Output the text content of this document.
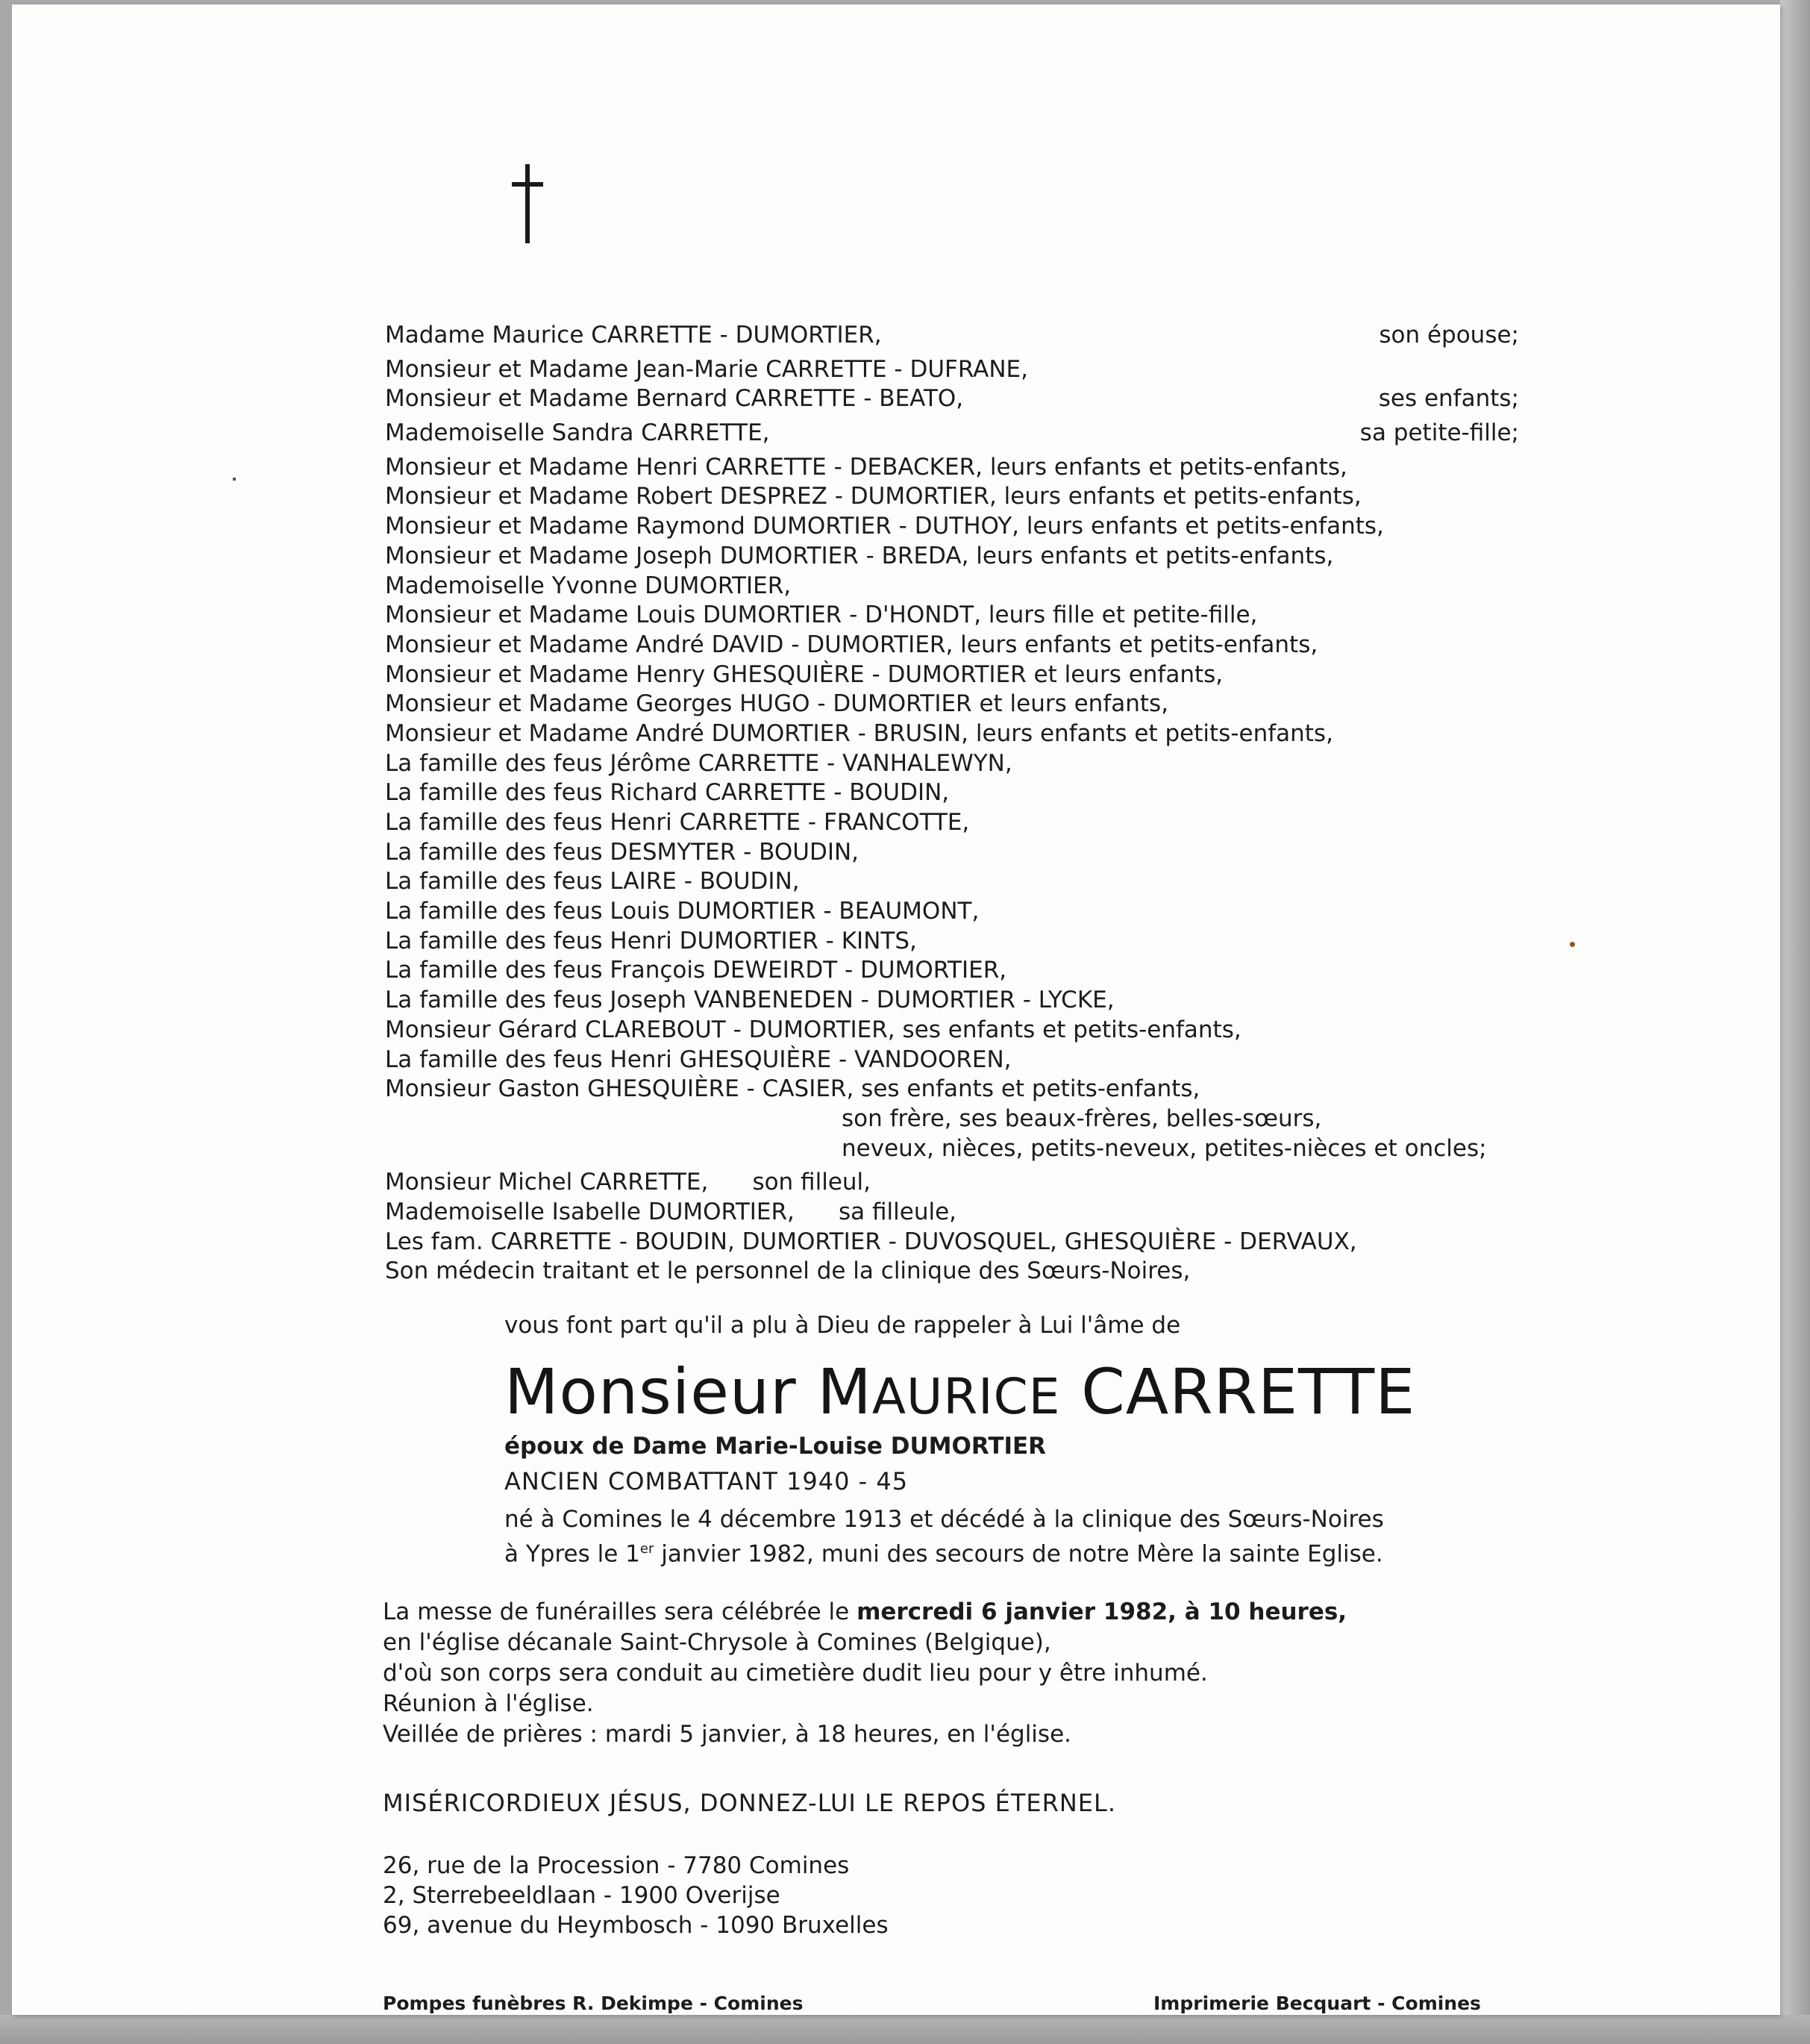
Madame Maurice CARRETTE - DUMORTIER,	son épouse;
Monsieur et Madame Jean-Marie CARRETTE - DUFRANE,
Monsieur et Madame Bernard CARRETTE - BEATO,	ses enfants;
Mademoiselle Sandra CARRETTE,	sa petite-fille;
Monsieur et Madame Henri CARRETTE - DEBACKER, leurs enfants et petits-enfants,
Monsieur et Madame Robert DESPREZ - DUMORTIER, leurs enfants et petits-enfants,
Monsieur et Madame Raymond DUMORTIER - DUTHOY, leurs enfants et petits-enfants,
Monsieur et Madame Joseph DUMORTIER - BREDA, leurs enfants et petits-enfants,
Mademoiselle Yvonne DUMORTIER,
Monsieur et Madame Louis DUMORTIER - D'HONDT, leurs fille et petite-fille,
Monsieur et Madame André DAVID - DUMORTIER, leurs enfants et petits-enfants,
Monsieur et Madame Henry GHESQUIÈRE - DUMORTIER et leurs enfants,
Monsieur et Madame Georges HUGO - DUMORTIER et leurs enfants,
Monsieur et Madame André DUMORTIER - BRUSIN, leurs enfants et petits-enfants,
La famille des feus Jérôme CARRETTE - VANHALEWYN,
La famille des feus Richard CARRETTE - BOUDIN,
La famille des feus Henri CARRETTE - FRANCOTTE,
La famille des feus DESMYTER - BOUDIN,
La famille des feus LAIRE - BOUDIN,
La famille des feus Louis DUMORTIER - BEAUMONT,
La famille des feus Henri DUMORTIER - KINTS,
La famille des feus François DEWEIRDT - DUMORTIER,
La famille des feus Joseph VANBENEDEN - DUMORTIER - LYCKE,
Monsieur Gérard CLAREBOUT - DUMORTIER, ses enfants et petits-enfants,
La famille des feus Henri GHESQUIÈRE - VANDOOREN,
Monsieur Gaston GHESQUIÈRE - CASIER, ses enfants et petits-enfants,
son frère, ses beaux-frères, belles-sœurs,
neveux, nièces, petits-neveux, petites-nièces et oncles;
Monsieur Michel CARRETTE,      son filleul,
Mademoiselle Isabelle DUMORTIER,      sa filleule,
Les fam. CARRETTE - BOUDIN, DUMORTIER - DUVOSQUEL, GHESQUIÈRE - DERVAUX,
Son médecin traitant et le personnel de la clinique des Sœurs-Noires,
vous font part qu'il a plu à Dieu de rappeler à Lui l'âme de
Monsieur MAURICE CARRETTE
époux de Dame Marie-Louise DUMORTIER
ANCIEN COMBATTANT 1940 - 45
né à Comines le 4 décembre 1913 et décédé à la clinique des Sœurs-Noires
à Ypres le 1er janvier 1982, muni des secours de notre Mère la sainte Eglise.
La messe de funérailles sera célébrée le mercredi 6 janvier 1982, à 10 heures,
en l'église décanale Saint-Chrysole à Comines (Belgique),
d'où son corps sera conduit au cimetière dudit lieu pour y être inhumé.
Réunion à l'église.
Veillée de prières : mardi 5 janvier, à 18 heures, en l'église.
MISÉRICORDIEUX JÉSUS, DONNEZ-LUI LE REPOS ÉTERNEL.
26, rue de la Procession - 7780 Comines
2, Sterrebeeldlaan - 1900 Overijse
69, avenue du Heymbosch - 1090 Bruxelles
Pompes funèbres R. Dekimpe - Comines	Imprimerie Becquart - Comines
